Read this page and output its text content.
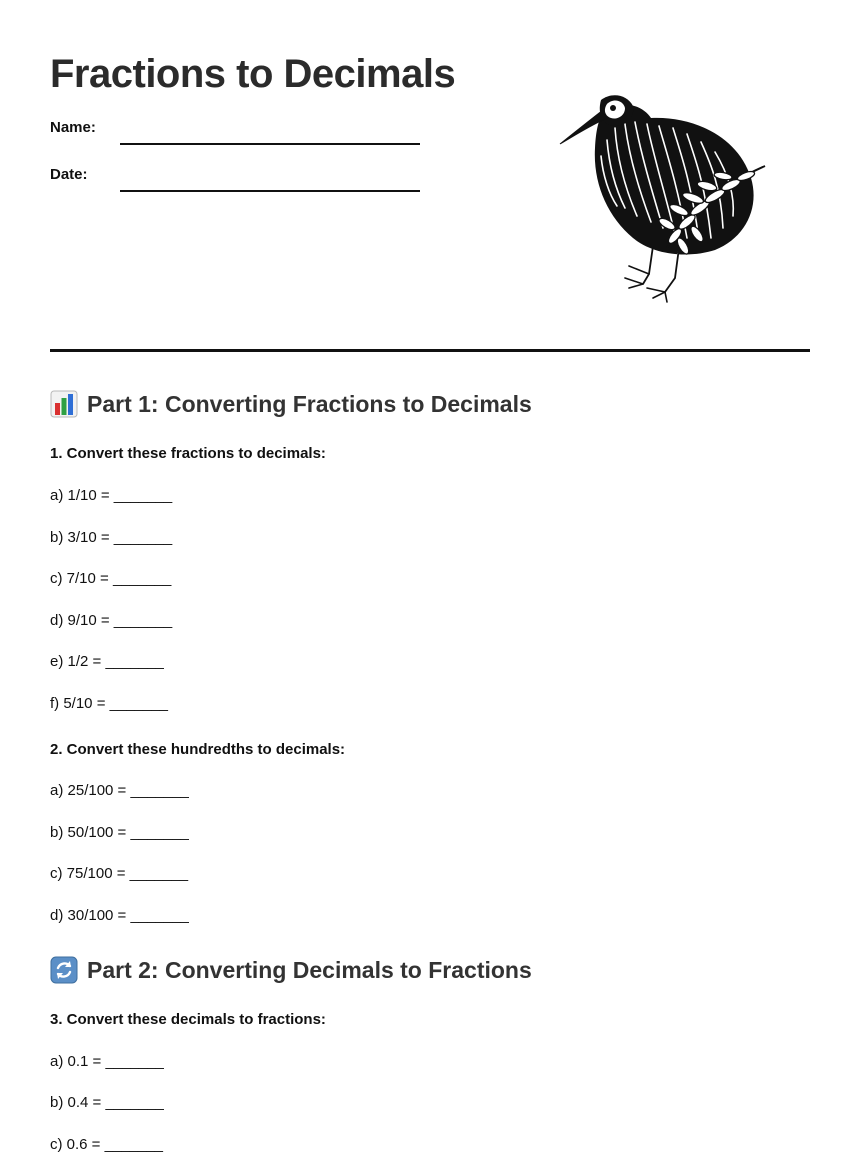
Fractions to Decimals
Name:
Date:
Part 1: Converting Fractions to Decimals

1. Convert these fractions to decimals:

a) 1/10 = _______
b) 3/10 = _______
c) 7/10 = _______
d) 9/10 = _______
e) 1/2 = _______
f) 5/10 = _______

2. Convert these hundredths to decimals:

a) 25/100 = _______
b) 50/100 = _______
c) 75/100 = _______
d) 30/100 = _______
Part 2: Converting Decimals to Fractions

3. Convert these decimals to fractions:

a) 0.1 = _______
b) 0.4 = _______
c) 0.6 = _______
